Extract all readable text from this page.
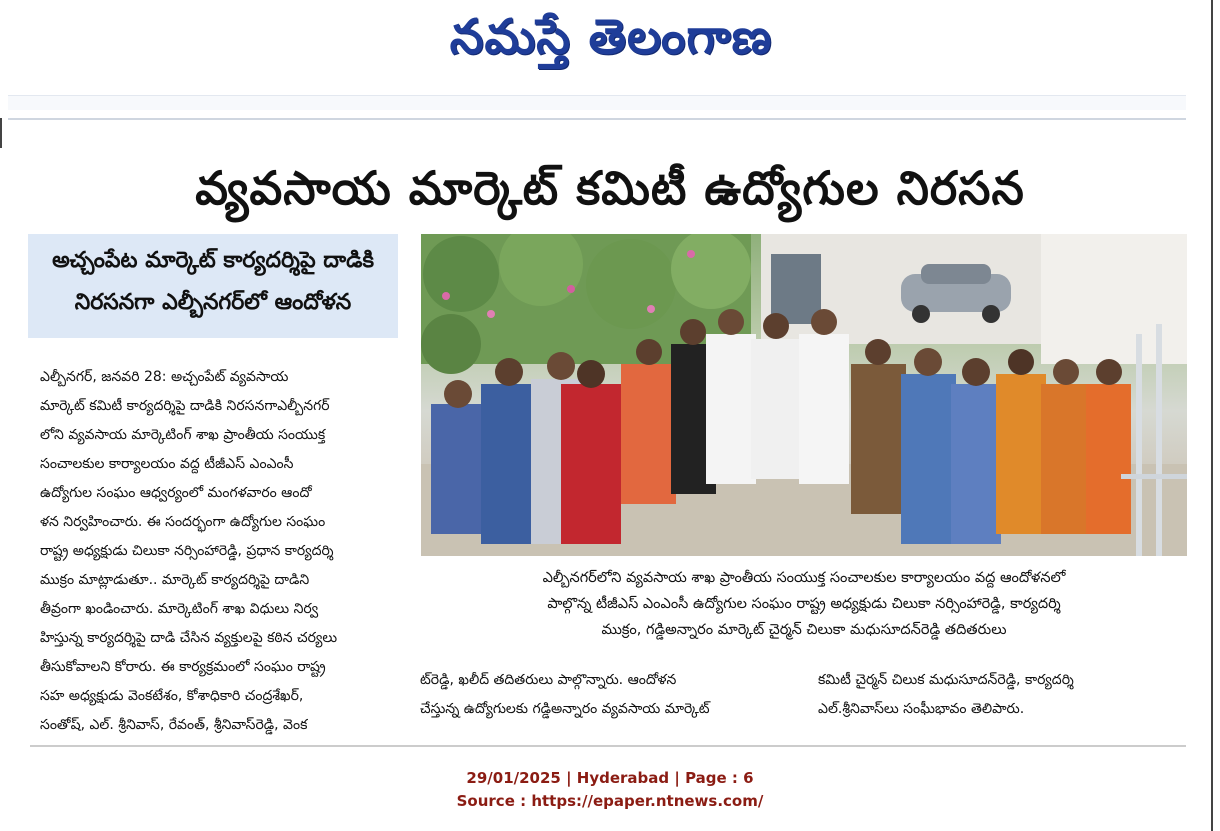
నమస్తే తెలంగాణ
వ్యవసాయ మార్కెట్ కమిటీ ఉద్యోగుల నిరసన
అచ్చంపేట మార్కెట్ కార్యదర్శిపై దాడికి
నిరసనగా ఎల్బీనగర్‌లో ఆందోళన
ఎల్బీనగర్, జనవరి 28: అచ్చంపేట్ వ్యవసాయ
మార్కెట్ కమిటీ కార్యదర్శిపై దాడికి నిరసనగాఎల్బీనగర్
లోని వ్యవసాయ మార్కెటింగ్ శాఖ ప్రాంతీయ సంయుక్త
సంచాలకుల కార్యాలయం వద్ద టీజీఎస్ ఎంఎంసీ
ఉద్యోగుల సంఘం ఆధ్వర్యంలో మంగళవారం ఆందో
ళన నిర్వహించారు. ఈ సందర్భంగా ఉద్యోగుల సంఘం
రాష్ట్ర అధ్యక్షుడు చిలుకా నర్సింహారెడ్డి, ప్రధాన కార్యదర్శి
ముక్రం మాట్లాడుతూ.. మార్కెట్ కార్యదర్శిపై దాడిని
తీవ్రంగా ఖండించారు. మార్కెటింగ్ శాఖ విధులు నిర్వ
హిస్తున్న కార్యదర్శిపై దాడి చేసిన వ్యక్తులపై కఠిన చర్యలు
తీసుకోవాలని కోరారు. ఈ కార్యక్రమంలో సంఘం రాష్ట్ర
సహ అధ్యక్షుడు వెంకటేశం, కోశాధికారి చంద్రశేఖర్,
సంతోష్, ఎల్. శ్రీనివాస్, రేవంత్, శ్రీనివాస్‌రెడ్డి, వెంక
ఎల్బీనగర్‌లోని వ్యవసాయ శాఖ ప్రాంతీయ సంయుక్త సంచాలకుల కార్యాలయం వద్ద ఆందోళనలో
పాల్గొన్న టీజీఎస్ ఎంఎంసీ ఉద్యోగుల సంఘం రాష్ట్ర అధ్యక్షుడు చిలుకా నర్సింహారెడ్డి, కార్యదర్శి
ముక్రం, గడ్డిఅన్నారం మార్కెట్ చైర్మన్ చిలుకా మధుసూదన్‌రెడ్డి తదితరులు
ట్‌రెడ్డి, ఖలీద్ తదితరులు పాల్గొన్నారు. ఆందోళన
చేస్తున్న ఉద్యోగులకు గడ్డిఅన్నారం వ్యవసాయ మార్కెట్
కమిటీ చైర్మన్ చిలుక మధుసూదన్‌రెడ్డి, కార్యదర్శి
ఎల్.శ్రీనివాస్‌లు సంఘీభావం తెలిపారు.
29/01/2025 | Hyderabad | Page : 6
Source : https://epaper.ntnews.com/
